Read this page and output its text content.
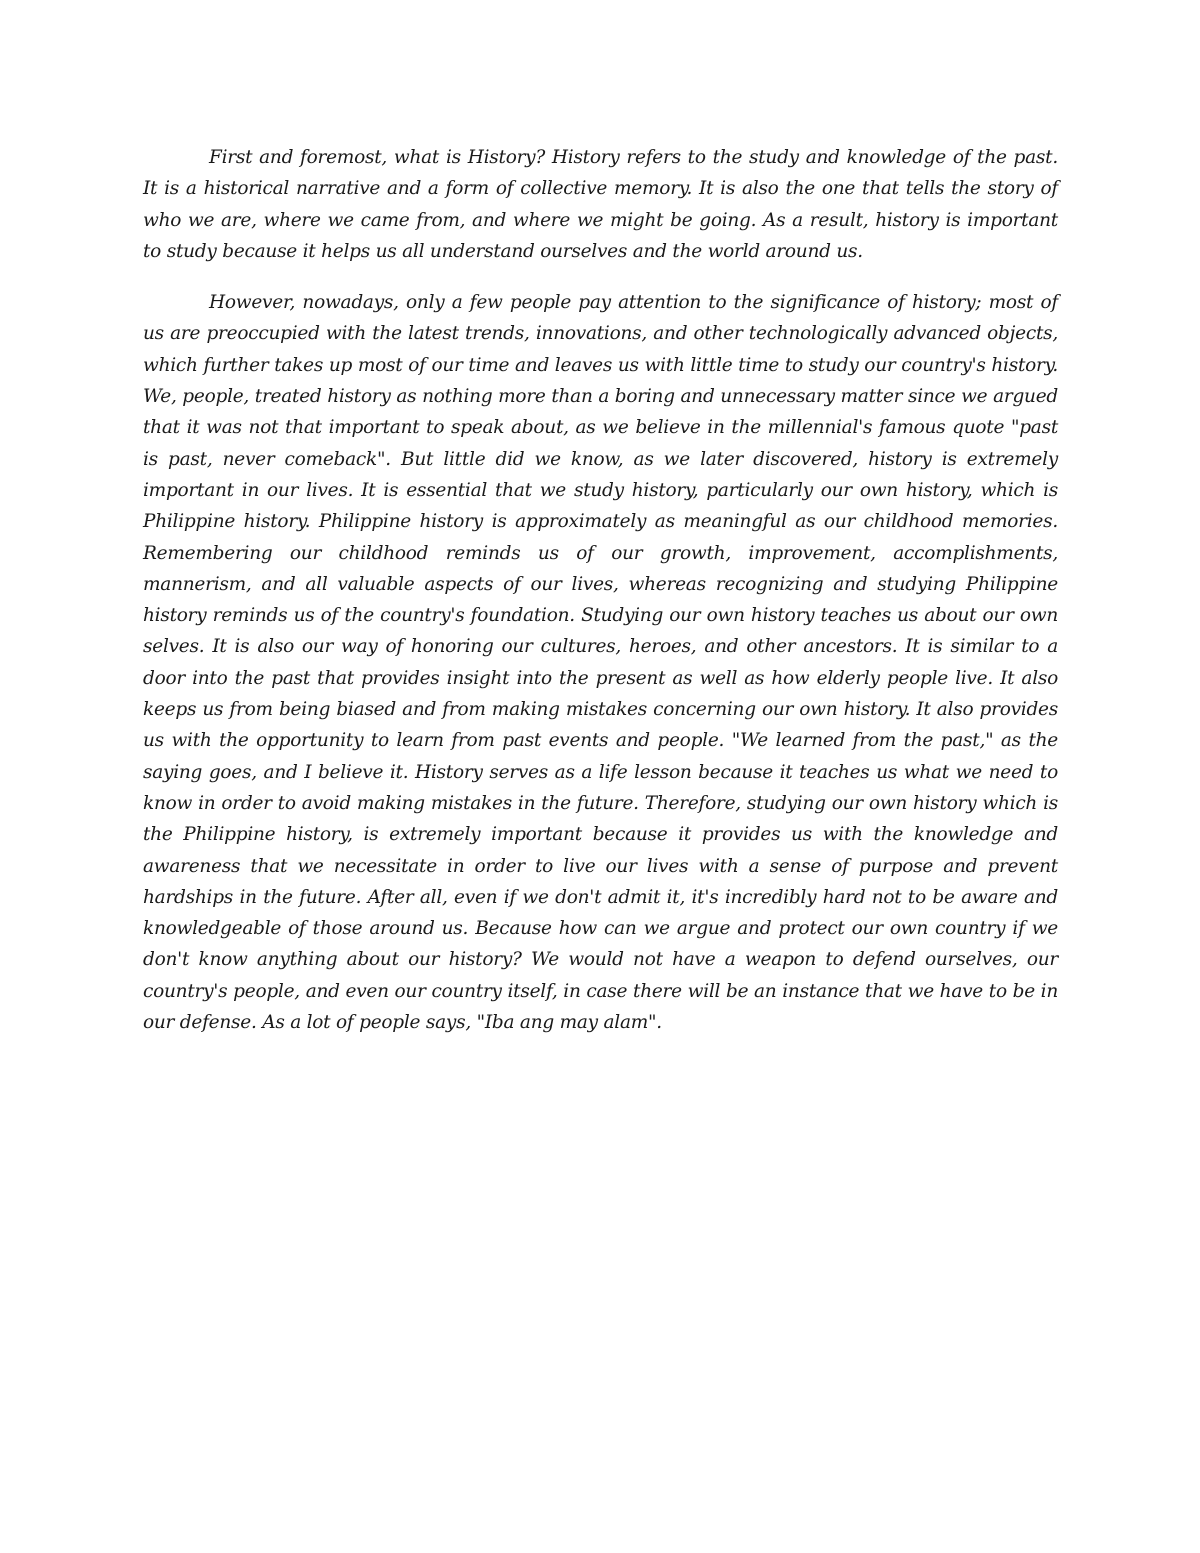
First and foremost, what is History? History refers to the study and knowledge of the past. It is a historical narrative and a form of collective memory. It is also the one that tells the story of who we are, where we came from, and where we might be going. As a result, history is important to study because it helps us all understand ourselves and the world around us.

However, nowadays, only a few people pay attention to the significance of history; most of us are preoccupied with the latest trends, innovations, and other technologically advanced objects, which further takes up most of our time and leaves us with little time to study our country's history. We, people, treated history as nothing more than a boring and unnecessary matter since we argued that it was not that important to speak about, as we believe in the millennial's famous quote "past is past, never comeback". But little did we know, as we later discovered, history is extremely important in our lives. It is essential that we study history, particularly our own history, which is Philippine history. Philippine history is approximately as meaningful as our childhood memories. Remembering our childhood reminds us of our growth, improvement, accomplishments, mannerism, and all valuable aspects of our lives, whereas recognizing and studying Philippine history reminds us of the country's foundation. Studying our own history teaches us about our own selves. It is also our way of honoring our cultures, heroes, and other ancestors. It is similar to a door into the past that provides insight into the present as well as how elderly people live. It also keeps us from being biased and from making mistakes concerning our own history. It also provides us with the opportunity to learn from past events and people. "We learned from the past," as the saying goes, and I believe it. History serves as a life lesson because it teaches us what we need to know in order to avoid making mistakes in the future. Therefore, studying our own history which is the Philippine history, is extremely important because it provides us with the knowledge and awareness that we necessitate in order to live our lives with a sense of purpose and prevent hardships in the future. After all, even if we don't admit it, it's incredibly hard not to be aware and knowledgeable of those around us. Because how can we argue and protect our own country if we don't know anything about our history? We would not have a weapon to defend ourselves, our country's people, and even our country itself, in case there will be an instance that we have to be in our defense. As a lot of people says, "Iba ang may alam".
